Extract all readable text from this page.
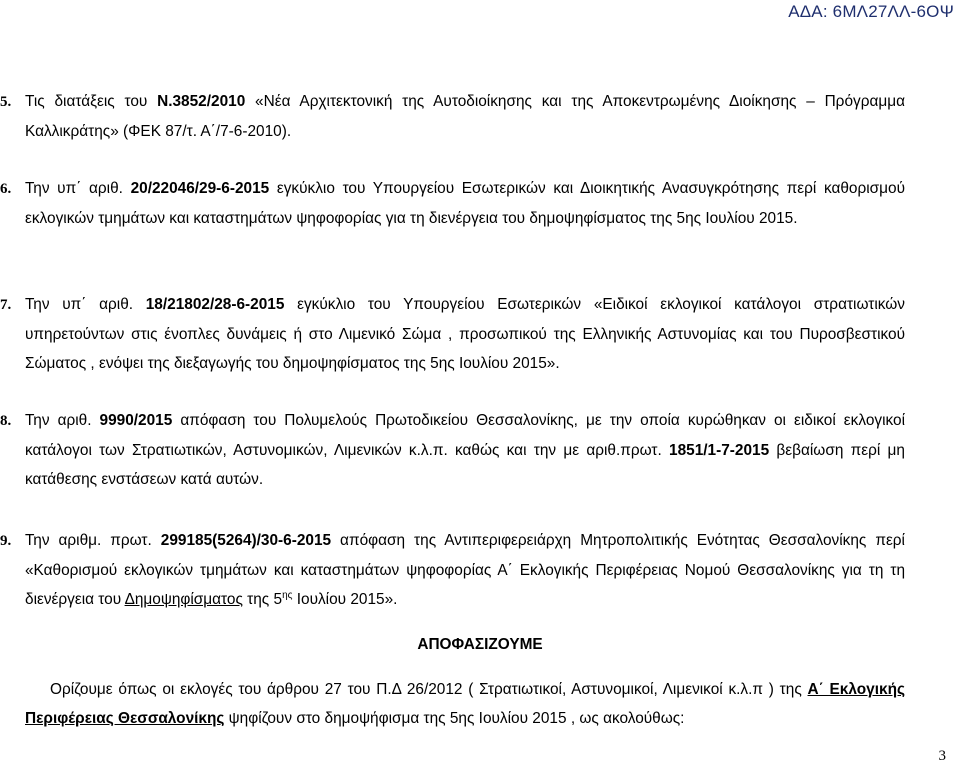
ΑΔΑ: 6ΜΛ27ΛΛ-6ΟΨ

5. Τις διατάξεις του Ν.3852/2010 «Νέα Αρχιτεκτονική της Αυτοδιοίκησης και της Αποκεντρωμένης Διοίκησης – Πρόγραμμα Καλλικράτης» (ΦΕΚ 87/τ. Α΄/7-6-2010).

6. Την υπ΄ αριθ. 20/22046/29-6-2015 εγκύκλιο του Υπουργείου Εσωτερικών και Διοικητικής Ανασυγκρότησης περί καθορισμού εκλογικών τμημάτων και καταστημάτων ψηφοφορίας για τη διενέργεια του δημοψηφίσματος της 5ης Ιουλίου 2015.

7. Την υπ΄ αριθ. 18/21802/28-6-2015 εγκύκλιο του Υπουργείου Εσωτερικών «Ειδικοί εκλογικοί κατάλογοι στρατιωτικών υπηρετούντων στις ένοπλες δυνάμεις ή στο Λιμενικό Σώμα , προσωπικού της Ελληνικής Αστυνομίας και του Πυροσβεστικού Σώματος , ενόψει της διεξαγωγής του δημοψηφίσματος της 5ης Ιουλίου 2015».

8. Την αριθ. 9990/2015 απόφαση του Πολυμελούς Πρωτοδικείου Θεσσαλονίκης, με την οποία κυρώθηκαν οι ειδικοί εκλογικοί κατάλογοι των Στρατιωτικών, Αστυνομικών, Λιμενικών κ.λ.π. καθώς και την με αριθ.πρωτ. 1851/1-7-2015 βεβαίωση περί μη κατάθεσης ενστάσεων κατά αυτών.

9. Την αριθμ. πρωτ. 299185(5264)/30-6-2015 απόφαση της Αντιπεριφερειάρχη Μητροπολιτικής Ενότητας Θεσσαλονίκης περί «Καθορισμού εκλογικών τμημάτων και καταστημάτων ψηφοφορίας Α΄ Εκλογικής Περιφέρειας Νομού Θεσσαλονίκης για τη τη διενέργεια του Δημοψηφίσματος της $5^{\eta\varsigma}$ Ιουλίου 2015».

ΑΠΟΦΑΣΙΖΟΥΜΕ

Ορίζουμε όπως οι εκλογές του άρθρου 27 του Π.Δ 26/2012 ( Στρατιωτικοί, Αστυνομικοί, Λιμενικοί κ.λ.π ) της Α΄ Εκλογικής Περιφέρειας Θεσσαλονίκης ψηφίζουν στο δημοψήφισμα της 5ης Ιουλίου 2015 , ως ακολούθως:

3
